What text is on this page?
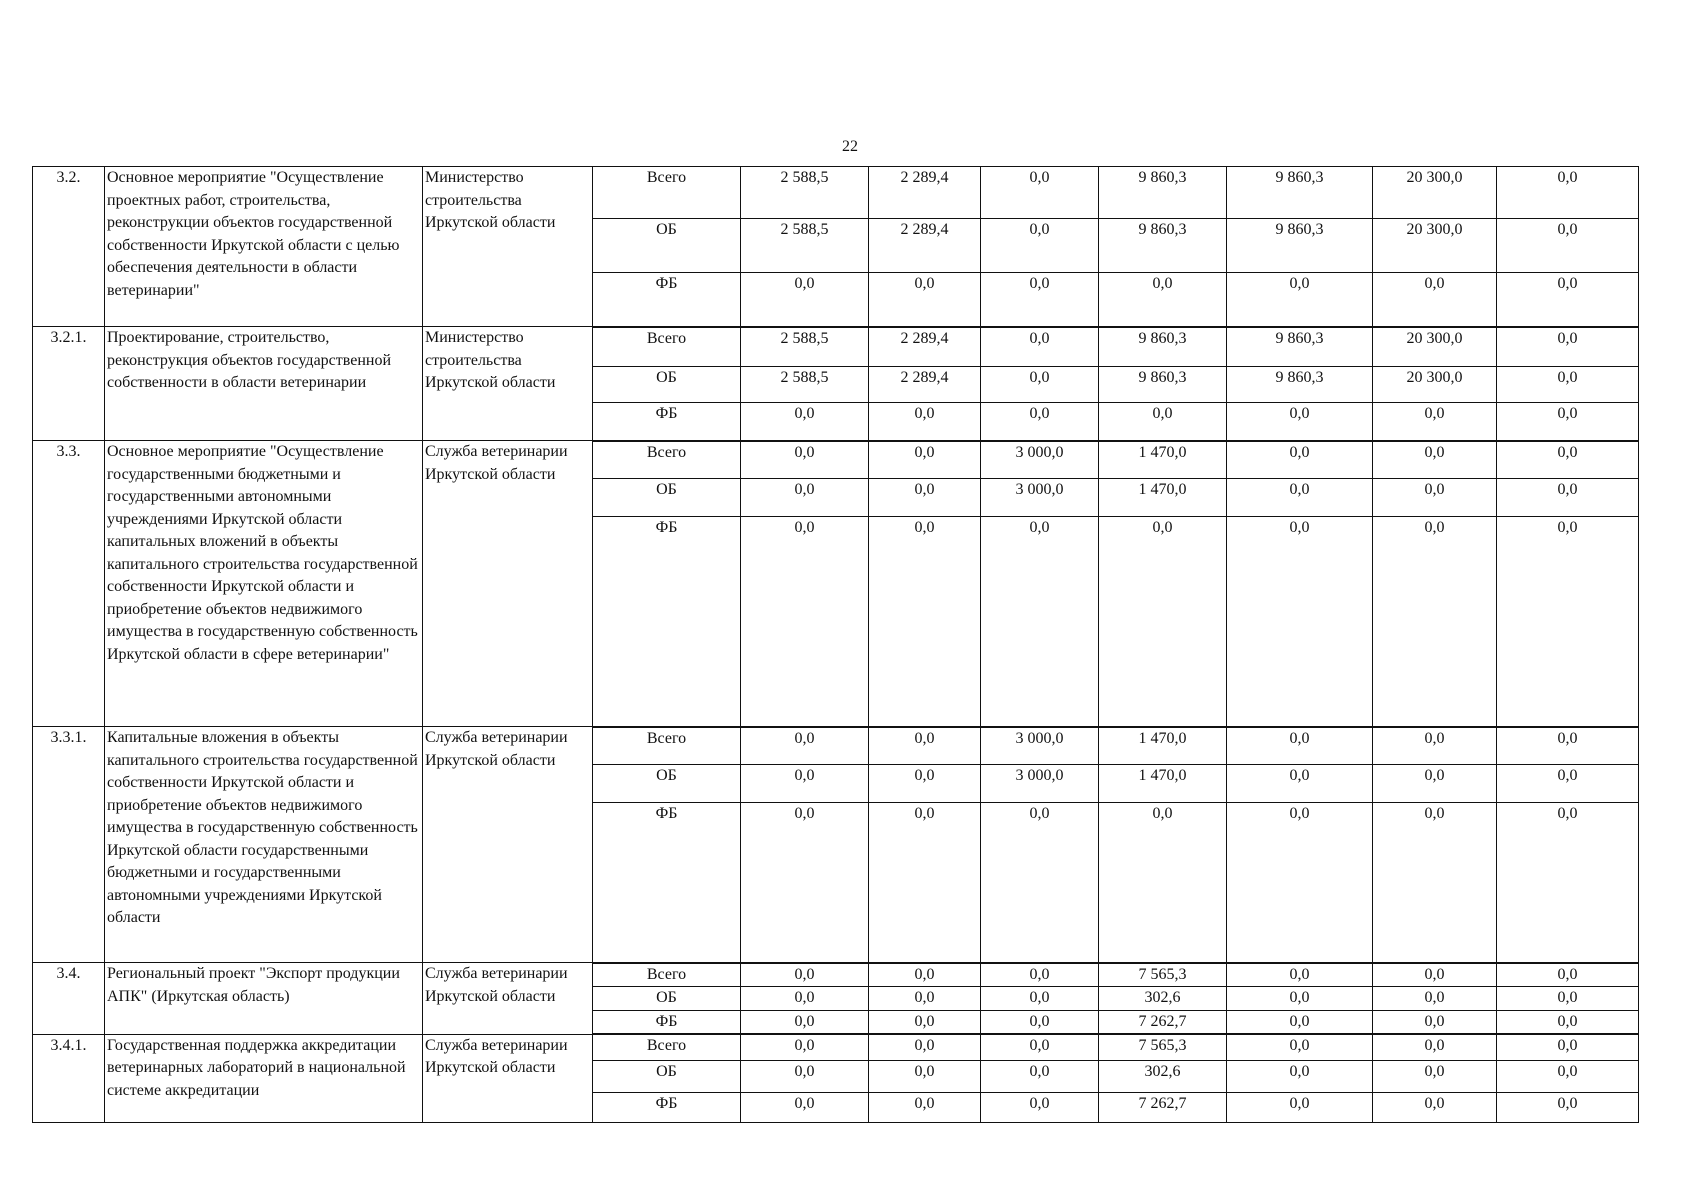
22
3.2.	Основное мероприятие "Осуществление проектных работ, строительства, реконструкции объектов государственной собственности Иркутской области с целью обеспечения деятельности в области ветеринарии"	Министерство строительства Иркутской области	Всего	2 588,5	2 289,4	0,0	9 860,3	9 860,3	20 300,0	0,0
			ОБ	2 588,5	2 289,4	0,0	9 860,3	9 860,3	20 300,0	0,0
			ФБ	0,0	0,0	0,0	0,0	0,0	0,0	0,0
3.2.1.	Проектирование, строительство, реконструкция объектов государственной собственности в области ветеринарии	Министерство строительства Иркутской области	Всего	2 588,5	2 289,4	0,0	9 860,3	9 860,3	20 300,0	0,0
			ОБ	2 588,5	2 289,4	0,0	9 860,3	9 860,3	20 300,0	0,0
			ФБ	0,0	0,0	0,0	0,0	0,0	0,0	0,0
3.3.	Основное мероприятие "Осуществление государственными бюджетными и государственными автономными учреждениями Иркутской области капитальных вложений в объекты капитального строительства государственной собственности Иркутской области и приобретение объектов недвижимого имущества в государственную собственность Иркутской области в сфере ветеринарии"	Служба ветеринарии Иркутской области	Всего	0,0	0,0	3 000,0	1 470,0	0,0	0,0	0,0
			ОБ	0,0	0,0	3 000,0	1 470,0	0,0	0,0	0,0
			ФБ	0,0	0,0	0,0	0,0	0,0	0,0	0,0
3.3.1.	Капитальные вложения в объекты капитального строительства государственной собственности Иркутской области и приобретение объектов недвижимого имущества в государственную собственность Иркутской области государственными бюджетными и государственными автономными учреждениями Иркутской области	Служба ветеринарии Иркутской области	Всего	0,0	0,0	3 000,0	1 470,0	0,0	0,0	0,0
			ОБ	0,0	0,0	3 000,0	1 470,0	0,0	0,0	0,0
			ФБ	0,0	0,0	0,0	0,0	0,0	0,0	0,0
3.4.	Региональный проект "Экспорт продукции АПК" (Иркутская область)	Служба ветеринарии Иркутской области	Всего	0,0	0,0	0,0	7 565,3	0,0	0,0	0,0
			ОБ	0,0	0,0	0,0	302,6	0,0	0,0	0,0
			ФБ	0,0	0,0	0,0	7 262,7	0,0	0,0	0,0
3.4.1.	Государственная поддержка аккредитации ветеринарных лабораторий в национальной системе аккредитации	Служба ветеринарии Иркутской области	Всего	0,0	0,0	0,0	7 565,3	0,0	0,0	0,0
			ОБ	0,0	0,0	0,0	302,6	0,0	0,0	0,0
			ФБ	0,0	0,0	0,0	7 262,7	0,0	0,0	0,0
